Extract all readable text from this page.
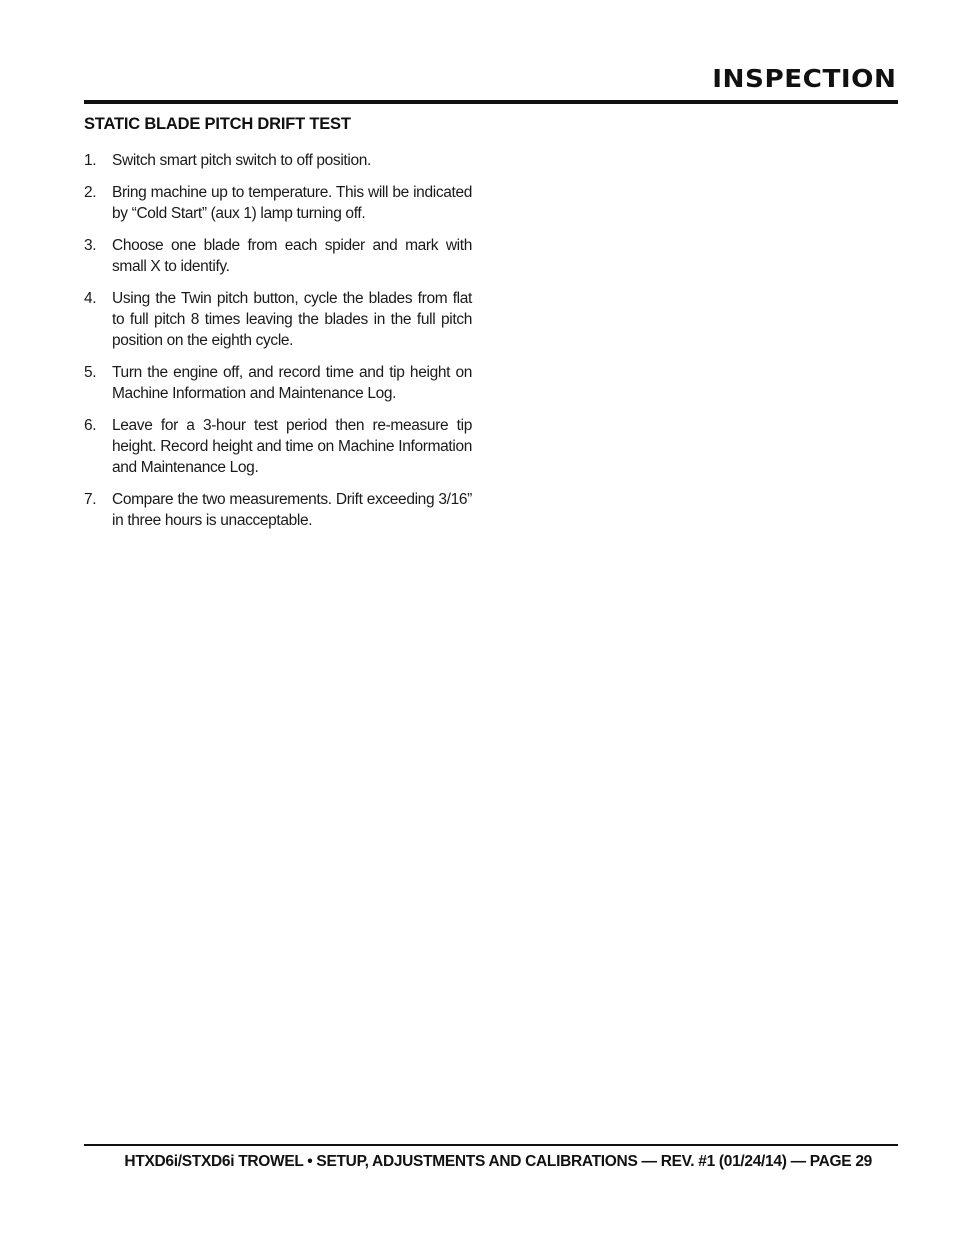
INSPECTION
STATIC BLADE PITCH DRIFT TEST
1.	Switch smart pitch switch to off position.
2.	Bring machine up to temperature. This will be indicated by “Cold Start” (aux 1) lamp turning off.
3.	Choose one blade from each spider and mark with small X to identify.
4.	Using the Twin pitch button, cycle the blades from flat to full pitch 8 times leaving the blades in the full pitch position on the eighth cycle.
5.	Turn the engine off, and record time and tip height on Machine Information and Maintenance Log.
6.	Leave for a 3-hour test period then re-measure tip height. Record height and time on Machine Information and Maintenance Log.
7.	Compare the two measurements. Drift exceeding 3/16” in three hours is unacceptable.
HTXD6i/STXD6i TROWEL • SETUP, ADJUSTMENTS AND CALIBRATIONS — REV. #1 (01/24/14) — PAGE 29
